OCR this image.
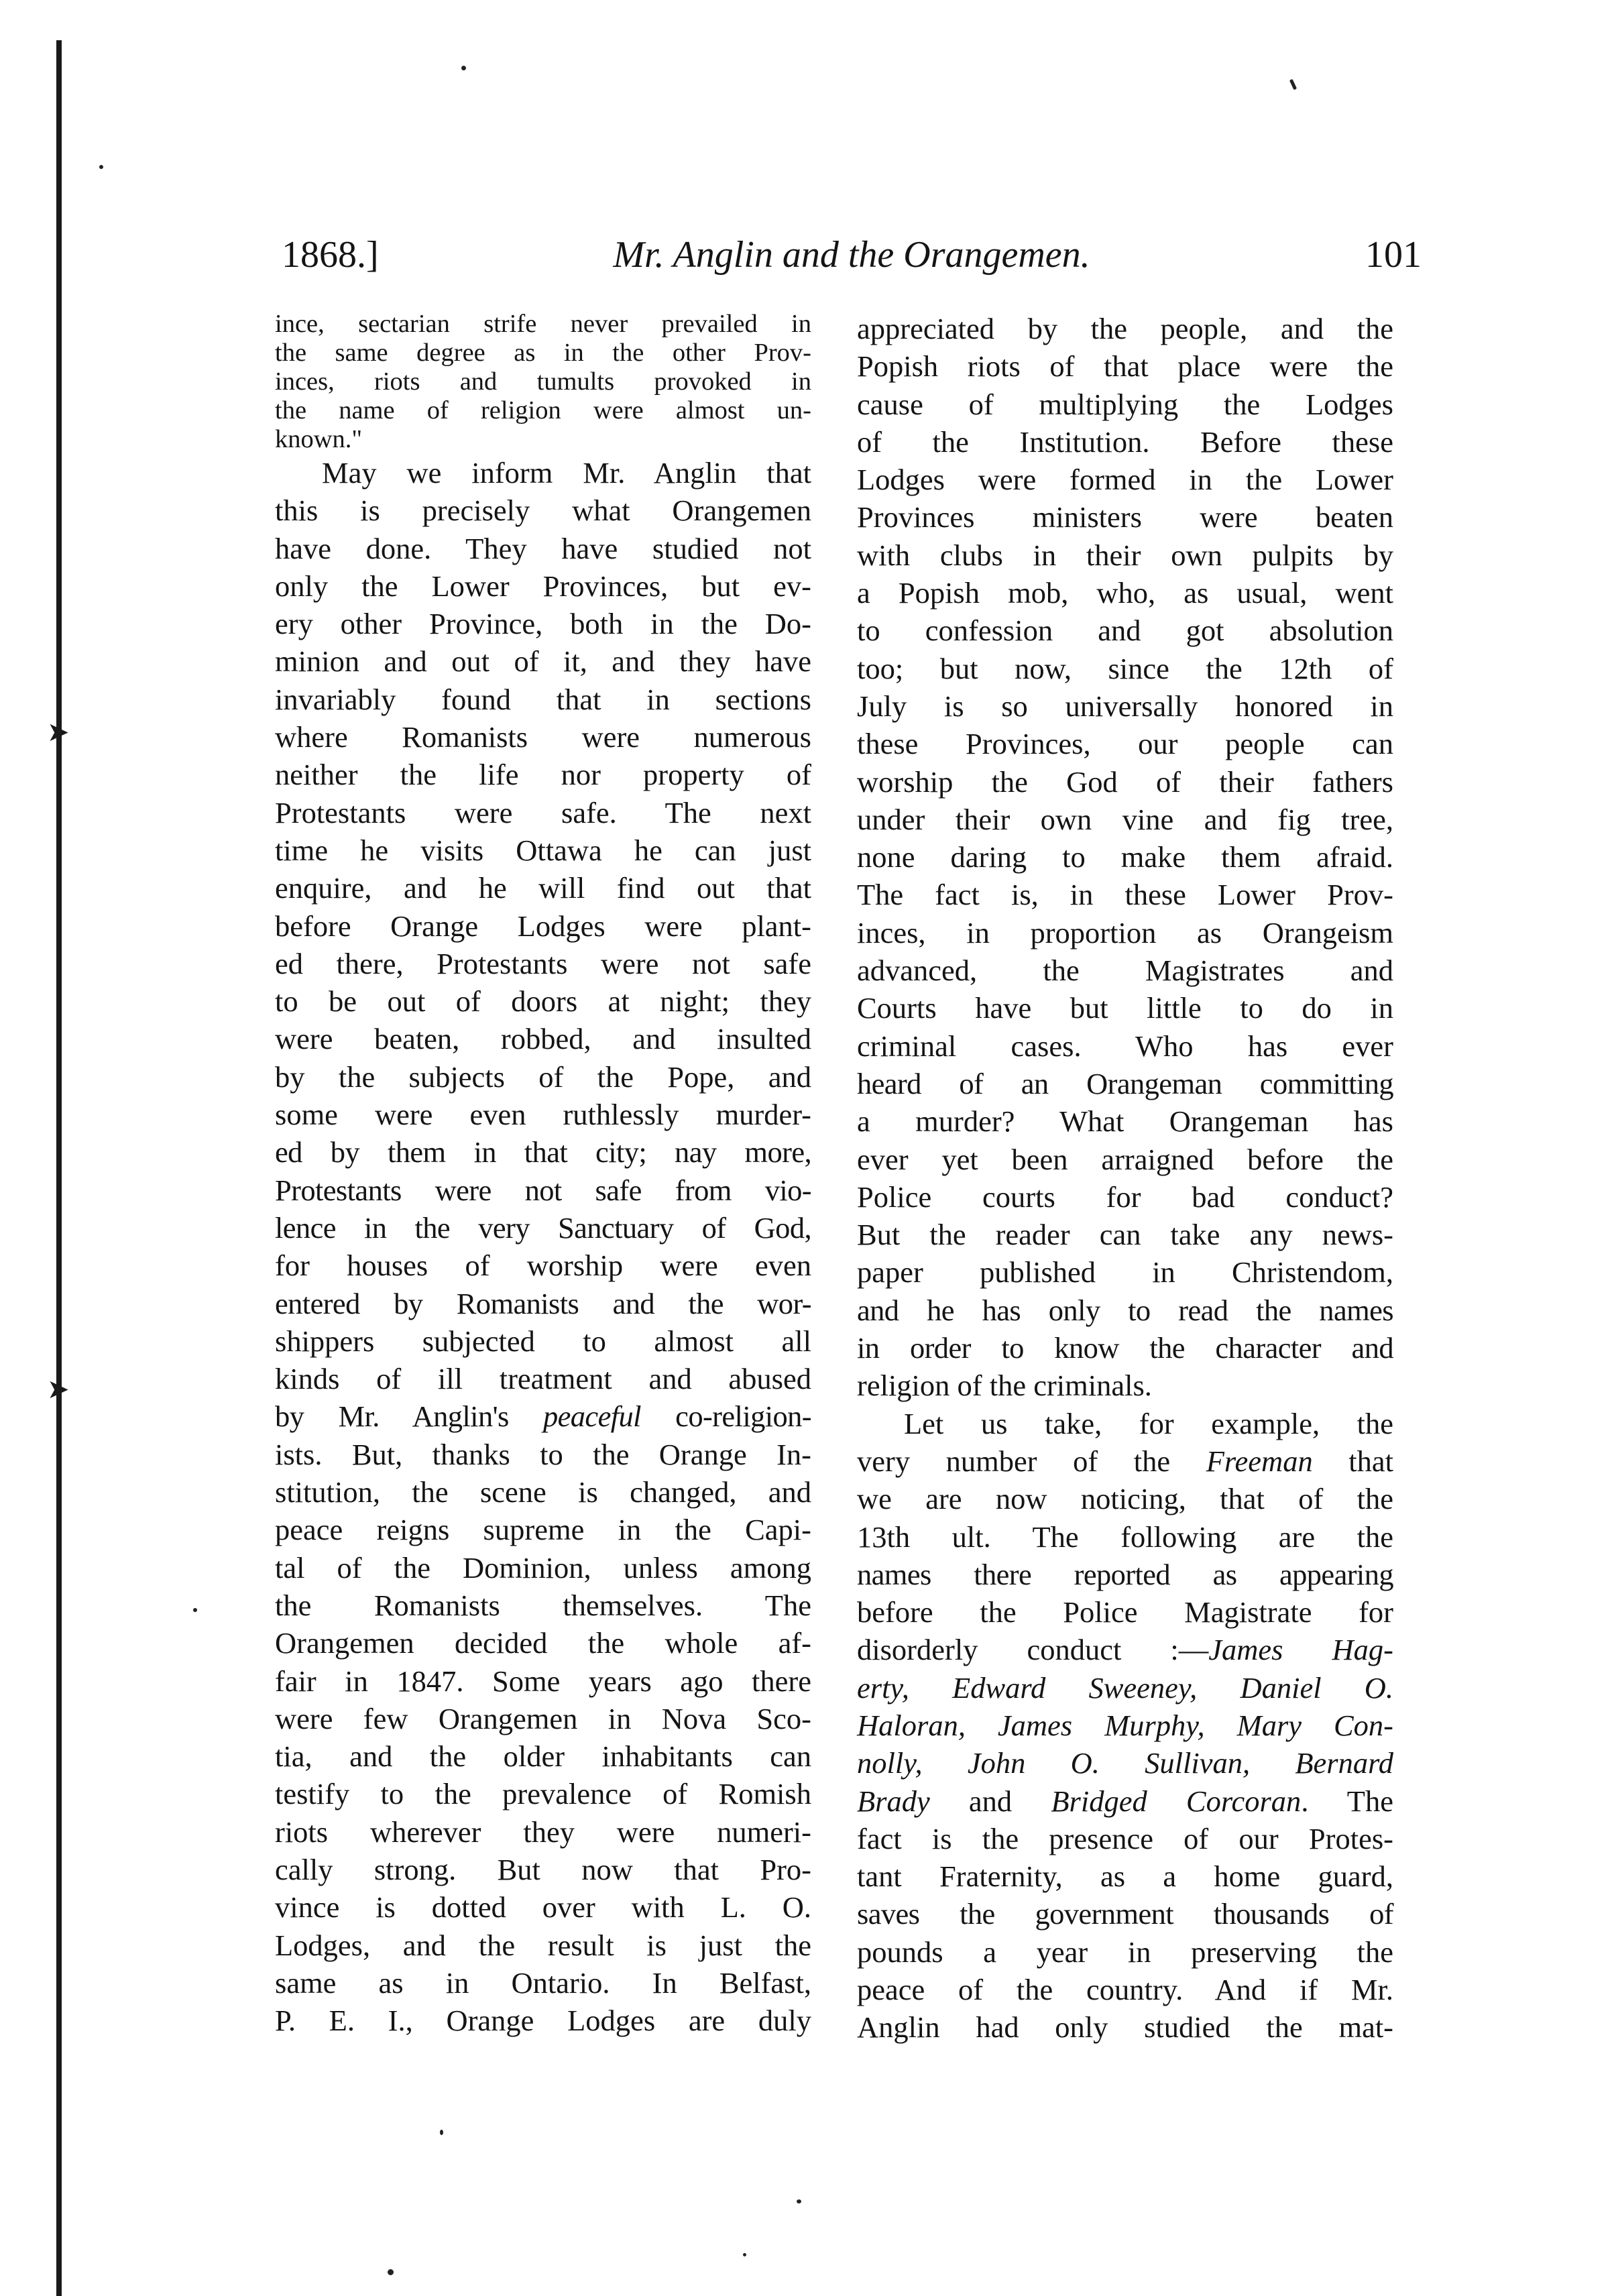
➤
➤
1868.]	Mr. Anglin and the Orangemen.	101
ince, sectarian strife never prevailed in
the same degree as in the other Prov-
inces, riots and tumults provoked in
the name of religion were almost un-
known."
May we inform Mr. Anglin that
this is precisely what Orangemen
have done. They have studied not
only the Lower Provinces, but ev-
ery other Province, both in the Do-
minion and out of it, and they have
invariably found that in sections
where Romanists were numerous
neither the life nor property of
Protestants were safe. The next
time he visits Ottawa he can just
enquire, and he will find out that
before Orange Lodges were plant-
ed there, Protestants were not safe
to be out of doors at night; they
were beaten, robbed, and insulted
by the subjects of the Pope, and
some were even ruthlessly murder-
ed by them in that city; nay more,
Protestants were not safe from vio-
lence in the very Sanctuary of God,
for houses of worship were even
entered by Romanists and the wor-
shippers subjected to almost all
kinds of ill treatment and abused
by Mr. Anglin's peaceful co-religion-
ists. But, thanks to the Orange In-
stitution, the scene is changed, and
peace reigns supreme in the Capi-
tal of the Dominion, unless among
the Romanists themselves. The
Orangemen decided the whole af-
fair in 1847. Some years ago there
were few Orangemen in Nova Sco-
tia, and the older inhabitants can
testify to the prevalence of Romish
riots wherever they were numeri-
cally strong. But now that Pro-
vince is dotted over with L. O.
Lodges, and the result is just the
same as in Ontario. In Belfast,
P. E. I., Orange Lodges are duly
appreciated by the people, and the
Popish riots of that place were the
cause of multiplying the Lodges
of the Institution. Before these
Lodges were formed in the Lower
Provinces ministers were beaten
with clubs in their own pulpits by
a Popish mob, who, as usual, went
to confession and got absolution
too; but now, since the 12th of
July is so universally honored in
these Provinces, our people can
worship the God of their fathers
under their own vine and fig tree,
none daring to make them afraid.
The fact is, in these Lower Prov-
inces, in proportion as Orangeism
advanced, the Magistrates and
Courts have but little to do in
criminal cases. Who has ever
heard of an Orangeman committing
a murder? What Orangeman has
ever yet been arraigned before the
Police courts for bad conduct?
But the reader can take any news-
paper published in Christendom,
and he has only to read the names
in order to know the character and
religion of the criminals.
Let us take, for example, the
very number of the Freeman that
we are now noticing, that of the
13th ult. The following are the
names there reported as appearing
before the Police Magistrate for
disorderly conduct :—James Hag-
erty, Edward Sweeney, Daniel O.
Haloran, James Murphy, Mary Con-
nolly, John O. Sullivan, Bernard
Brady and Bridged Corcoran. The
fact is the presence of our Protes-
tant Fraternity, as a home guard,
saves the government thousands of
pounds a year in preserving the
peace of the country. And if Mr.
Anglin had only studied the mat-
